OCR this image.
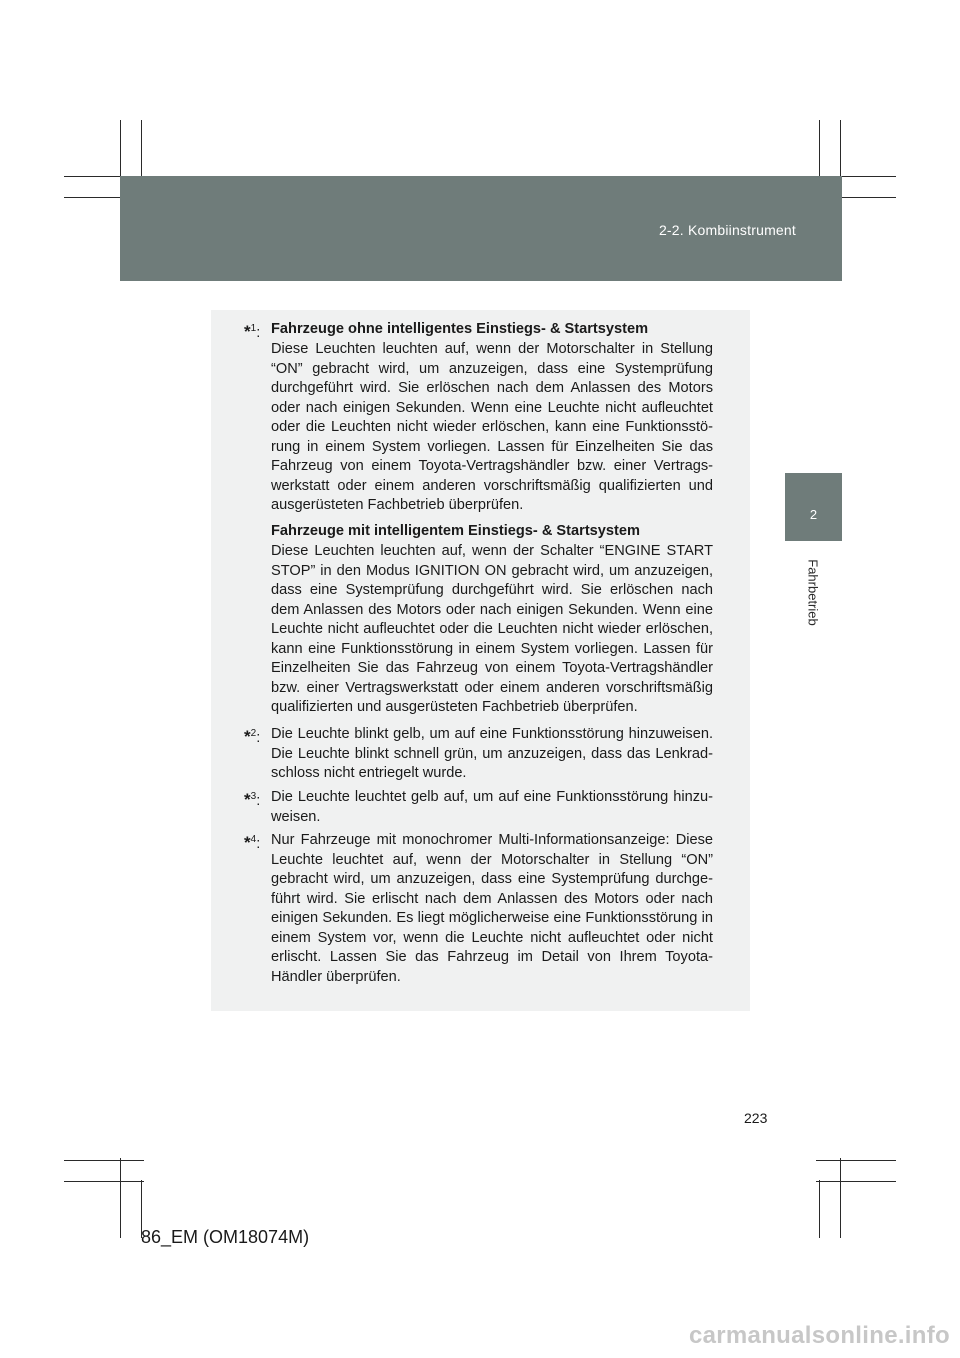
2-2. Kombiinstrument
2
Fahrbetrieb
*$^1$: Fahrzeuge ohne intelligentes Einstiegs- & Startsystem
Diese Leuchten leuchten auf, wenn der Motorschalter in Stellung “ON” gebracht wird, um anzuzeigen, dass eine Systemprüfung durchgeführt wird. Sie erlöschen nach dem Anlassen des Motors oder nach einigen Sekunden. Wenn eine Leuchte nicht aufleuchtet oder die Leuchten nicht wieder erlöschen, kann eine Funktionsstö-rung in einem System vorliegen. Lassen für Einzelheiten Sie das Fahrzeug von einem Toyota-Vertragshändler bzw. einer Vertrags-werkstatt oder einem anderen vorschriftsmäßig qualifizierten und ausgerüsteten Fachbetrieb überprüfen.
Fahrzeuge mit intelligentem Einstiegs- & Startsystem
Diese Leuchten leuchten auf, wenn der Schalter “ENGINE START STOP” in den Modus IGNITION ON gebracht wird, um anzuzeigen, dass eine Systemprüfung durchgeführt wird. Sie erlöschen nach dem Anlassen des Motors oder nach einigen Sekunden. Wenn eine Leuchte nicht aufleuchtet oder die Leuchten nicht wieder erlöschen, kann eine Funktionsstörung in einem System vorliegen. Lassen für Einzelheiten Sie das Fahrzeug von einem Toyota-Vertragshändler bzw. einer Vertragswerkstatt oder einem anderen vorschriftsmäßig qualifizierten und ausgerüsteten Fachbetrieb überprüfen.
*$^2$: Die Leuchte blinkt gelb, um auf eine Funktionsstörung hinzuweisen. Die Leuchte blinkt schnell grün, um anzuzeigen, dass das Lenkrad-schloss nicht entriegelt wurde.
*$^3$: Die Leuchte leuchtet gelb auf, um auf eine Funktionsstörung hinzu-weisen.
*$^4$: Nur Fahrzeuge mit monochromer Multi-Informationsanzeige: Diese Leuchte leuchtet auf, wenn der Motorschalter in Stellung “ON” gebracht wird, um anzuzeigen, dass eine Systemprüfung durchge-führt wird. Sie erlischt nach dem Anlassen des Motors oder nach einigen Sekunden. Es liegt möglicherweise eine Funktionsstörung in einem System vor, wenn die Leuchte nicht aufleuchtet oder nicht erlischt. Lassen Sie das Fahrzeug im Detail von Ihrem Toyota-Händler überprüfen.
223
86_EM (OM18074M)
carmanualsonline.info
